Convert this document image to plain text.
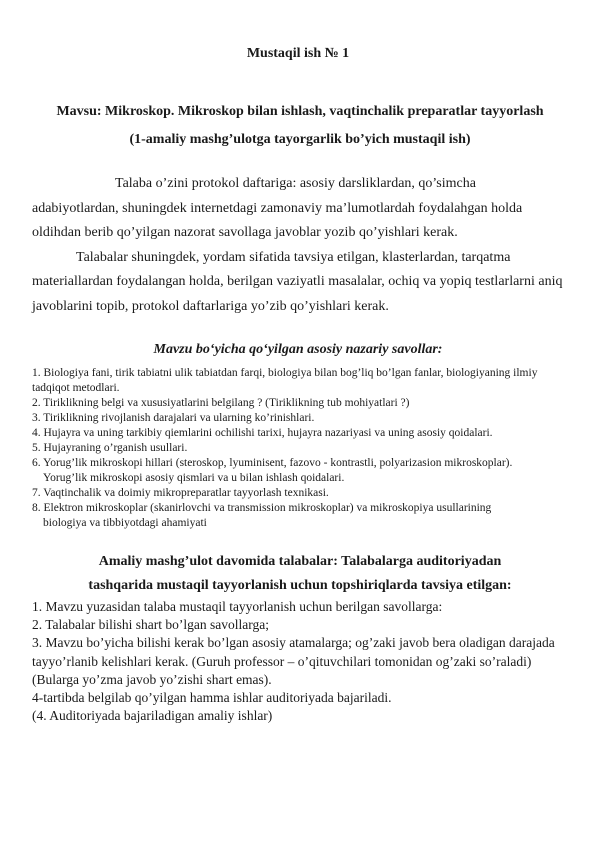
Mustaqil ish № 1
Mavsu: Mikroskop. Mikroskop bilan ishlash, vaqtinchalik preparatlar tayyorlash
(1-amaliy mashg’ulotga tayorgarlik bo’yich mustaqil ish)

Talaba o’zini protokol daftariga: asosiy darsliklardan, qo’simcha adabiyotlardan, shuningdek internetdagi zamonaviy ma’lumotlardah foydalahgan holda oldihdan berib qo’yilgan nazorat savollaga javoblar yozib qo’yishlari kerak.

Talabalar shuningdek, yordam sifatida tavsiya etilgan, klasterlardan, tarqatma materiallardan foydalangan holda, berilgan vaziyatli masalalar, ochiq va yopiq testlarlarni aniq javoblarini topib, protokol daftarlariga yo’zib qo’yishlari kerak.

Mavzu bo‘yicha qo‘yilgan asosiy nazariy savollar:
1. Biologiya fani, tirik tabiatni ulik tabiatdan farqi, biologiya bilan bog’liq bo’lgan fanlar, biologiyaning ilmiy tadqiqot metodlari.
2. Tiriklikning belgi va xususiyatlarini belgilang ? (Tiriklikning tub mohiyatlari ?)
3. Tiriklikning rivojlanish darajalari va ularning ko’rinishlari.
4. Hujayra va uning tarkibiy qiemlarini ochilishi tarixi, hujayra nazariyasi va uning asosiy qoidalari.
5. Hujayraning o’rganish usullari.
6. Yorug’lik mikroskopi hillari (steroskop, lyuminisent, fazovo - kontrastli, polyarizasion mikroskoplar).
Yorug’lik mikroskopi asosiy qismlari va u bilan ishlash qoidalari.
7. Vaqtinchalik va doimiy mikropreparatlar tayyorlash texnikasi.
8. Elektron mikroskoplar (skanirlovchi va transmission mikroskoplar) va mikroskopiya usullarining
biologiya va tibbiyotdagi ahamiyati
Amaliy mashg’ulot davomida talabalar: Talabalarga auditoriyadan
tashqarida mustaqil tayyorlanish uchun topshiriqlarda tavsiya etilgan:
1. Mavzu yuzasidan talaba mustaqil tayyorlanish uchun berilgan savollarga:
2. Talabalar bilishi shart bo’lgan savollarga;
3. Mavzu bo’yicha bilishi kerak bo’lgan asosiy atamalarga; og’zaki javob bera oladigan darajada tayyo’rlanib kelishlari kerak. (Guruh professor – o’qituvchilari tomonidan og’zaki so’raladi)(Bularga yo’zma javob yo’zishi shart emas).
4-tartibda belgilab qo’yilgan hamma ishlar auditoriyada bajariladi.
(4. Auditoriyada bajariladigan amaliy ishlar)
